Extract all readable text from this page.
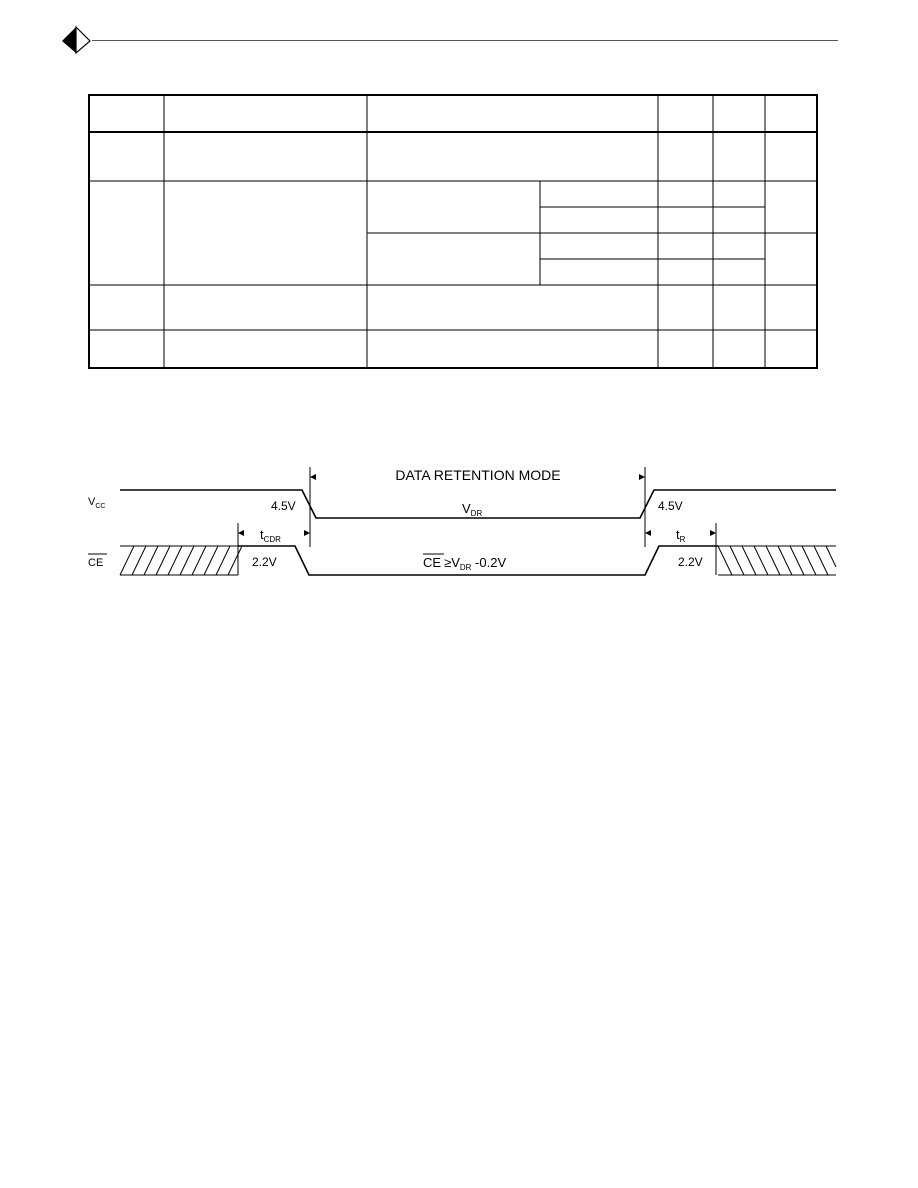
$V_{CC}$
CE
DATA RETENTION MODE
$V_{DR}$
4.5V	4.5V
2.2V	2.2V
$t_{CDR}$	$t_R$
CE $\ge V_{DR}$ -0.2V
